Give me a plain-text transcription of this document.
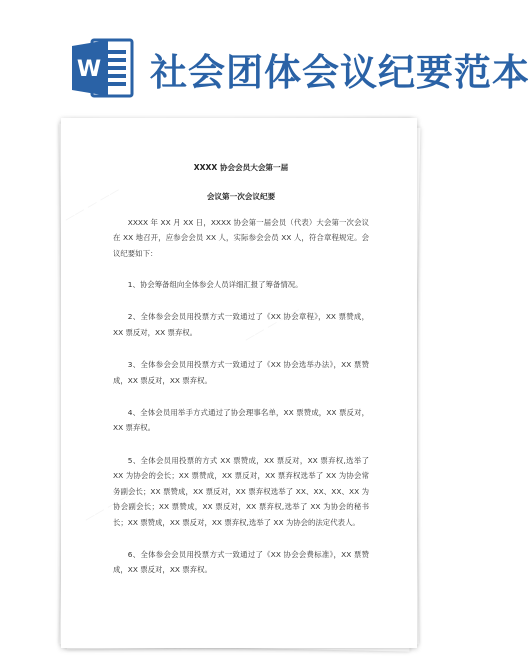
W 社会团体会议纪要范本
—— — ——
—— — ——
—— — ——
XXXX 协会会员大会第一届
会议第一次会议纪要

XXXX 年 XX 月 XX 日，XXXX 协会第一届会员（代表）大会第一次会议在 XX 地召开，应参会会员 XX 人，实际参会会员 XX 人，符合章程规定。会议纪要如下：

1、协会筹备组向全体参会人员详细汇报了筹备情况。

2、全体参会会员用投票方式一致通过了《XX 协会章程》，XX 票赞成，XX 票反对，XX 票弃权。

3、全体参会会员用投票方式一致通过了《XX 协会选举办法》，XX 票赞成，XX 票反对，XX 票弃权。

4、全体会员用举手方式通过了协会理事名单，XX 票赞成，XX 票反对，XX 票弃权。

5、全体会员用投票的方式 XX 票赞成，XX 票反对，XX 票弃权,选举了 XX 为协会的会长；XX 票赞成，XX 票反对，XX 票弃权选举了 XX 为协会常务副会长；XX 票赞成，XX 票反对，XX 票弃权选举了 XX、XX、XX、XX 为协会副会长；XX 票赞成，XX 票反对，XX 票弃权,选举了 XX 为协会的秘书长；XX 票赞成，XX 票反对，XX 票弃权,选举了 XX 为协会的法定代表人。

6、全体参会会员用投票方式一致通过了《XX 协会会费标准》，XX 票赞成，XX 票反对，XX 票弃权。
